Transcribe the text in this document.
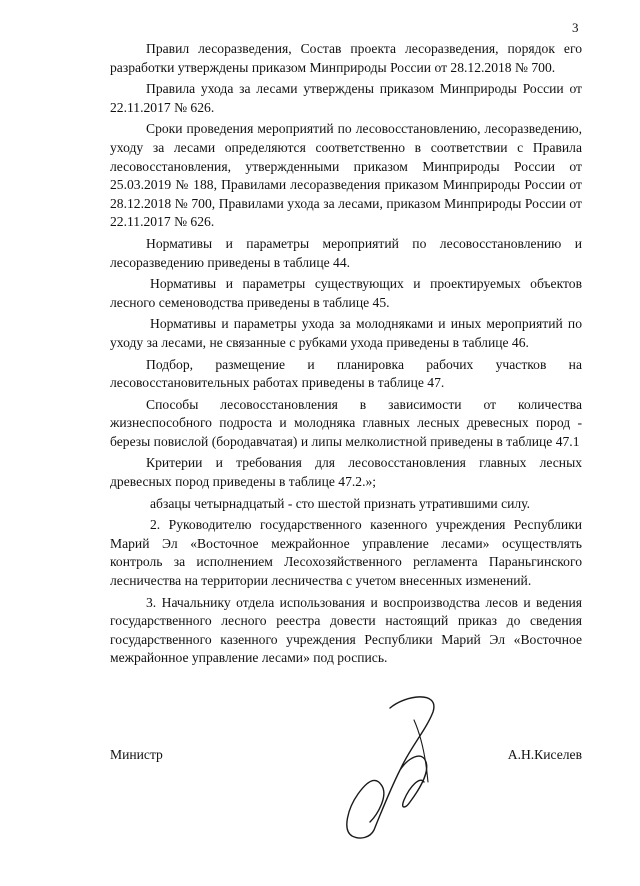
3

Правил лесоразведения, Состав проекта лесоразведения, порядок его разработки утверждены приказом Минприроды России от 28.12.2018 № 700.

Правила ухода за лесами утверждены приказом Минприроды России от 22.11.2017 № 626.

Сроки проведения мероприятий по лесовосстановлению, лесоразведению, уходу за лесами определяются соответственно в соответствии с Правила лесовосстановления, утвержденными приказом Минприроды России от 25.03.2019 № 188, Правилами лесоразведения приказом Минприроды России от 28.12.2018 № 700, Правилами ухода за лесами, приказом Минприроды России от 22.11.2017 № 626.

Нормативы и параметры мероприятий по лесовосстановлению и лесоразведению приведены в таблице 44.

Нормативы и параметры существующих и проектируемых объектов лесного семеноводства приведены в таблице 45.

Нормативы и параметры ухода за молодняками и иных мероприятий по уходу за лесами, не связанные с рубками ухода приведены в таблице 46.

Подбор, размещение и планировка рабочих участков на лесовосстановительных работах приведены в таблице 47.

Способы лесовосстановления в зависимости от количества жизнеспособного подроста и молодняка главных лесных древесных пород - березы повислой (бородавчатая) и липы мелколистной приведены в таблице 47.1

Критерии и требования для лесовосстановления главных лесных древесных пород приведены в таблице 47.2.»;

абзацы четырнадцатый - сто шестой признать утратившими силу.

2. Руководителю государственного казенного учреждения Республики Марий Эл «Восточное межрайонное управление лесами» осуществлять контроль за исполнением Лесохозяйственного регламента Параньгинского лесничества на территории лесничества с учетом внесенных изменений.

3. Начальнику отдела использования и воспроизводства лесов и ведения государственного лесного реестра довести настоящий приказ до сведения государственного казенного учреждения Республики Марий Эл «Восточное межрайонное управление лесами» под роспись.

Министр	А.Н.Киселев
